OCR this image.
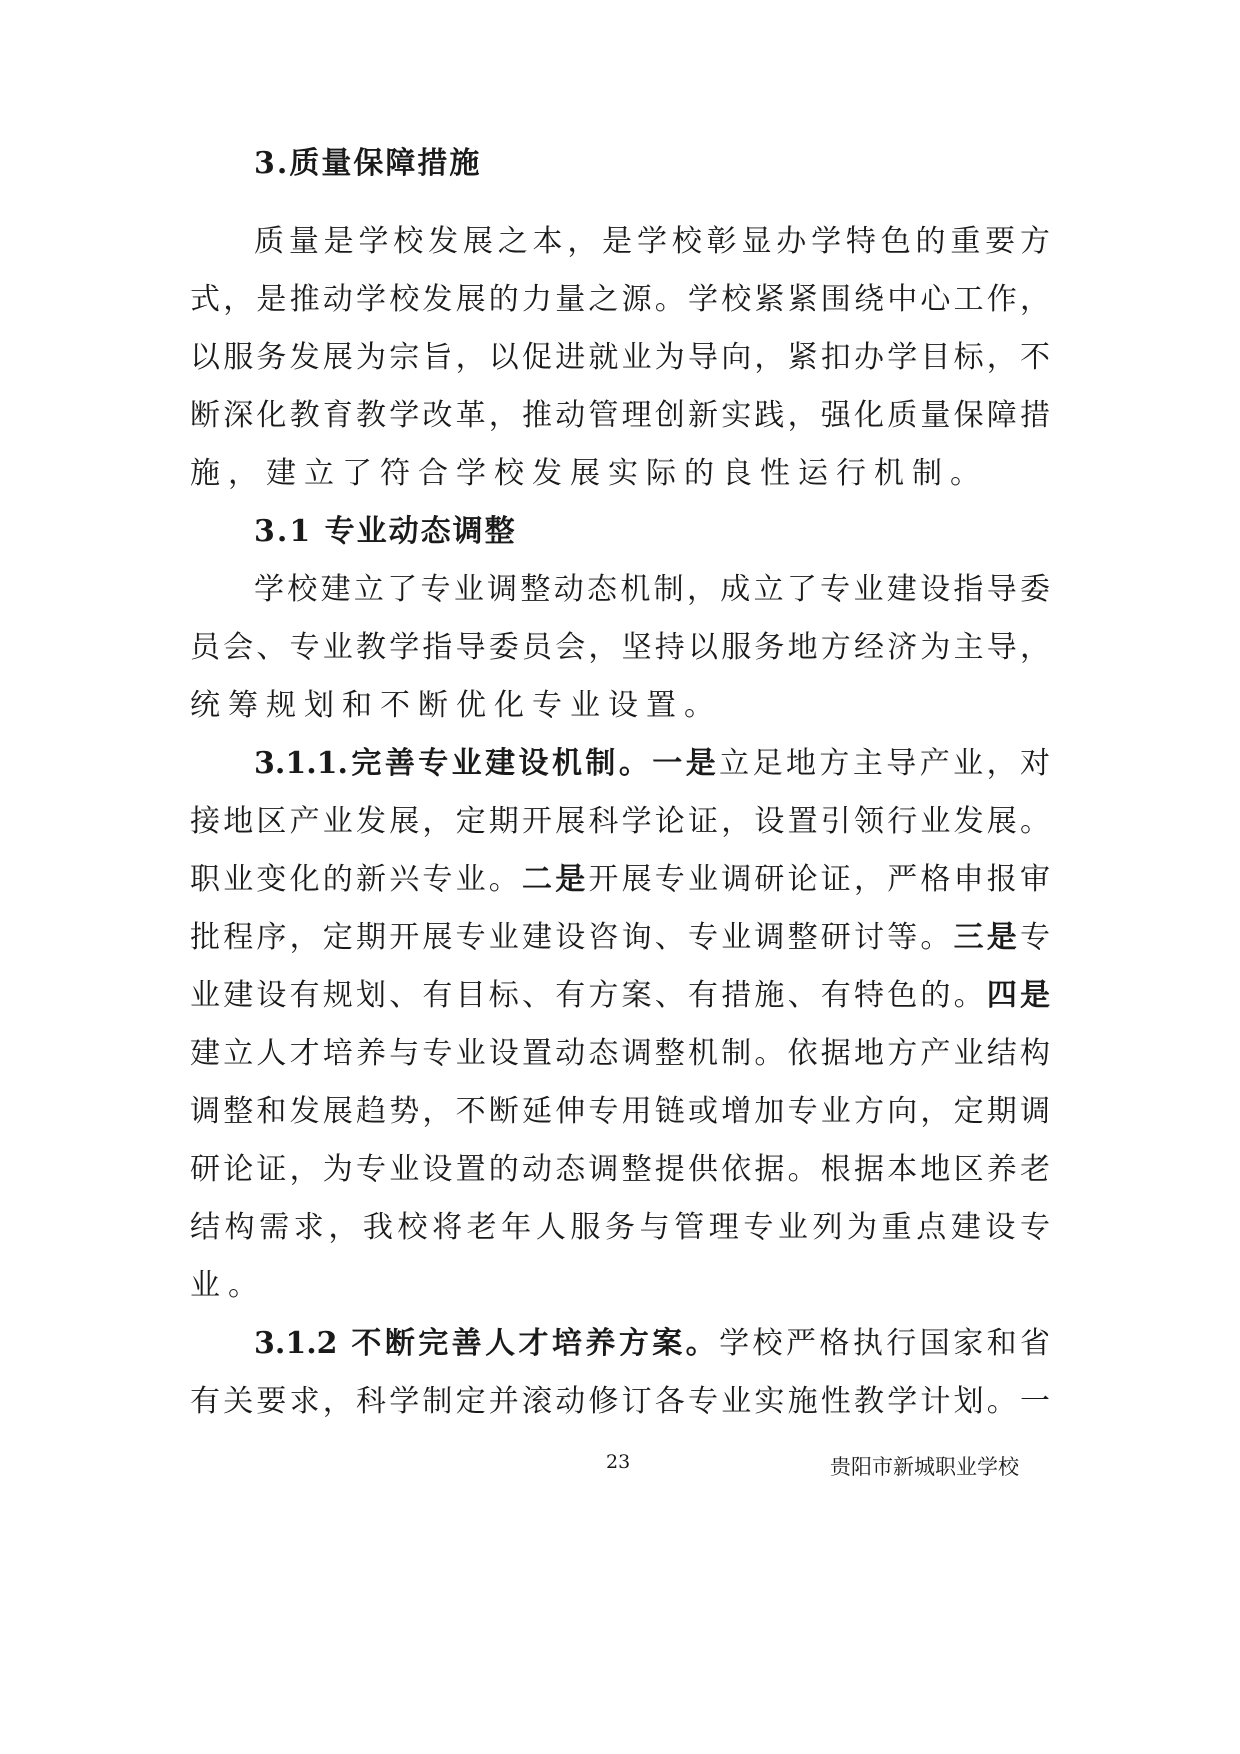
3.质量保障措施
质量是学校发展之本，是学校彰显办学特色的重要方
式，是推动学校发展的力量之源。学校紧紧围绕中心工作，
以服务发展为宗旨，以促进就业为导向，紧扣办学目标，不
断深化教育教学改革，推动管理创新实践，强化质量保障措
施，建立了符合学校发展实际的良性运行机制。
3.1 专业动态调整
学校建立了专业调整动态机制，成立了专业建设指导委
员会、专业教学指导委员会，坚持以服务地方经济为主导，
统筹规划和不断优化专业设置。
3.1.1.完善专业建设机制。一是立足地方主导产业，对
接地区产业发展，定期开展科学论证，设置引领行业发展。
职业变化的新兴专业。二是开展专业调研论证，严格申报审
批程序，定期开展专业建设咨询、专业调整研讨等。三是专
业建设有规划、有目标、有方案、有措施、有特色的。四是
建立人才培养与专业设置动态调整机制。依据地方产业结构
调整和发展趋势，不断延伸专用链或增加专业方向，定期调
研论证，为专业设置的动态调整提供依据。根据本地区养老
结构需求，我校将老年人服务与管理专业列为重点建设专
业。
3.1.2 不断完善人才培养方案。学校严格执行国家和省
有关要求，科学制定并滚动修订各专业实施性教学计划。一
23	贵阳市新城职业学校
